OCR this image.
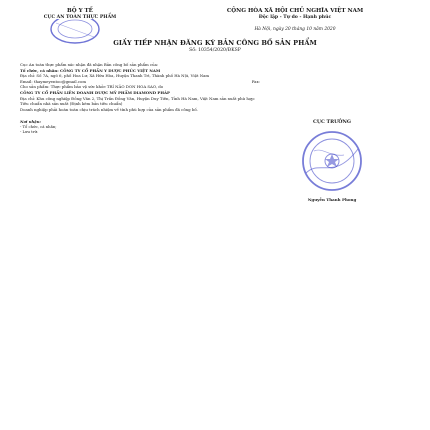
BỘ Y TẾ
CỤC AN TOÀN THỰC PHẨM
CỘNG HÒA XÃ HỘI CHỦ NGHĨA VIỆT NAM
Độc lập - Tự do - Hạnh phúc
Hà Nội, ngày 20 tháng 10 năm 2020
GIẤY TIẾP NHẬN ĐĂNG KÝ BẢN CÔNG BỐ SẢN PHẨM
Số: 10354/2020/ĐKSP
Cục An toàn thực phẩm xác nhận đã nhận Bản công bố sản phẩm của:
Tổ chức, cá nhân: CÔNG TY CỔ PHẦN Y DƯỢC PHÚC VIỆT NAM
Địa chỉ: Số 7A, ngõ 6, phố Hoa Lư, Xã Hữu Hòa, Huyện Thanh Trì, Thành phố Hà Nội, Việt Nam
Email: thaymeyentoo@gmail.com	Fax:
Cho sản phẩm: Thực phẩm bảo vệ sức khỏe TRÍ NÃO DON HOA SAO, do
CÔNG TY CỔ PHẦN LIÊN DOANH DƯỢC MỸ PHẨM DIAMOND PHÁP
Địa chỉ: Khu công nghiệp Đồng Văn 2, Thị Trấn Đồng Văn, Huyện Duy Tiên, Tỉnh Hà Nam, Việt Nam sản xuất phù hợp:
Tiêu chuẩn nhà sản xuất (Định kèm bản tiêu chuẩn)
Doanh nghiệp phải hoàn toàn chịu trách nhiệm về tính phù hợp của sản phẩm đã công bố.
Nơi nhận:
- Tổ chức, cá nhân;
- Lưu trữ.
CỤC TRƯỞNG
Nguyễn Thanh Phong
